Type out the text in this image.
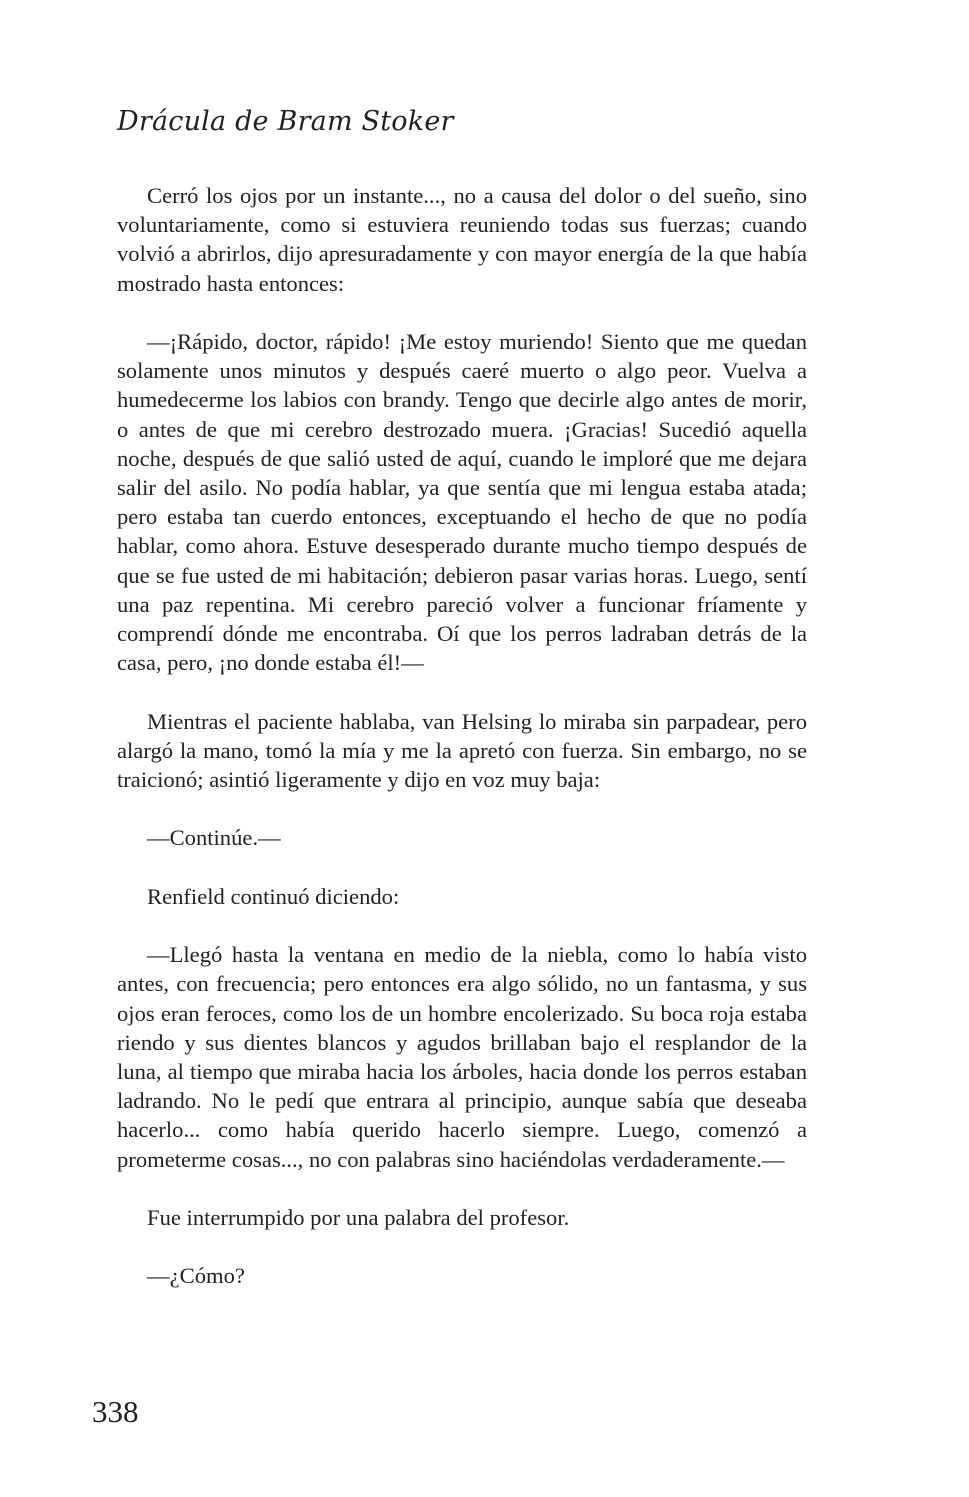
Drácula de Bram Stoker

Cerró los ojos por un instante..., no a causa del dolor o del sueño, sino voluntariamente, como si estuviera reuniendo todas sus fuerzas; cuando volvió a abrirlos, dijo apresuradamente y con mayor energía de la que había mostrado hasta entonces:

—¡Rápido, doctor, rápido! ¡Me estoy muriendo! Siento que me quedan solamente unos minutos y después caeré muerto o algo peor. Vuelva a humedecerme los labios con brandy. Tengo que decirle algo antes de morir, o antes de que mi cerebro destrozado muera. ¡Gracias! Sucedió aquella noche, después de que salió usted de aquí, cuando le imploré que me dejara salir del asilo. No podía hablar, ya que sentía que mi lengua estaba atada; pero estaba tan cuerdo entonces, exceptuando el hecho de que no podía hablar, como ahora. Estuve desesperado durante mucho tiempo después de que se fue usted de mi habitación; debieron pasar varias horas. Luego, sentí una paz repentina. Mi cerebro pareció volver a funcionar fríamente y comprendí dónde me encontraba. Oí que los perros ladraban detrás de la casa, pero, ¡no donde estaba él!—

Mientras el paciente hablaba, van Helsing lo miraba sin parpadear, pero alargó la mano, tomó la mía y me la apretó con fuerza. Sin embargo, no se traicionó; asintió ligeramente y dijo en voz muy baja:

—Continúe.—

Renfield continuó diciendo:

—Llegó hasta la ventana en medio de la niebla, como lo había visto antes, con frecuencia; pero entonces era algo sólido, no un fantasma, y sus ojos eran feroces, como los de un hombre encolerizado. Su boca roja estaba riendo y sus dientes blancos y agudos brillaban bajo el resplandor de la luna, al tiempo que miraba hacia los árboles, hacia donde los perros estaban ladrando. No le pedí que entrara al principio, aunque sabía que deseaba hacerlo... como había querido hacerlo siempre. Luego, comenzó a prometerme cosas..., no con palabras sino haciéndolas verdaderamente.—

Fue interrumpido por una palabra del profesor.

—¿Cómo?

338
